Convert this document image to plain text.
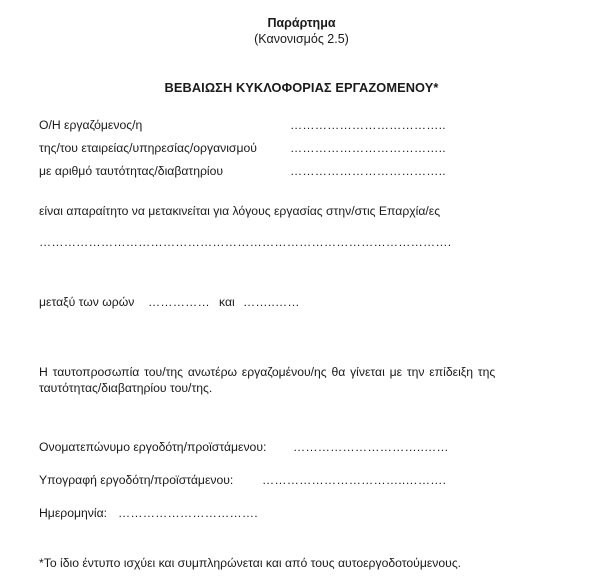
Παράρτημα
(Κανονισμός 2.5)
ΒΕΒΑΙΩΣΗ ΚΥΚΛΟΦΟΡΙΑΣ ΕΡΓΑΖΟΜΕΝΟΥ*
Ο/Η εργαζόμενος/η	………………………………..
της/του εταιρείας/υπηρεσίας/οργανισμού	………………………………..
με αριθμό ταυτότητας/διαβατηρίου	………………………………..
είναι απαραίτητο να μετακινείται για λόγους εργασίας στην/στις Επαρχία/ες
……………………………………………………………………………………….
μεταξύ των ωρών …………… και ……..……
Η ταυτοπροσωπία του/της ανωτέρω εργαζομένου/ης θα γίνεται με την επίδειξη της
ταυτότητας/διαβατηρίου του/της.
Ονοματεπώνυμο εργοδότη/προϊστάμενου: …………………………..……
Υπογραφή εργοδότη/προϊστάμενου: ……………………………..……….
Ημερομηνία: …………………………….
*Το ίδιο έντυπο ισχύει και συμπληρώνεται και από τους αυτοεργοδοτούμενους.
